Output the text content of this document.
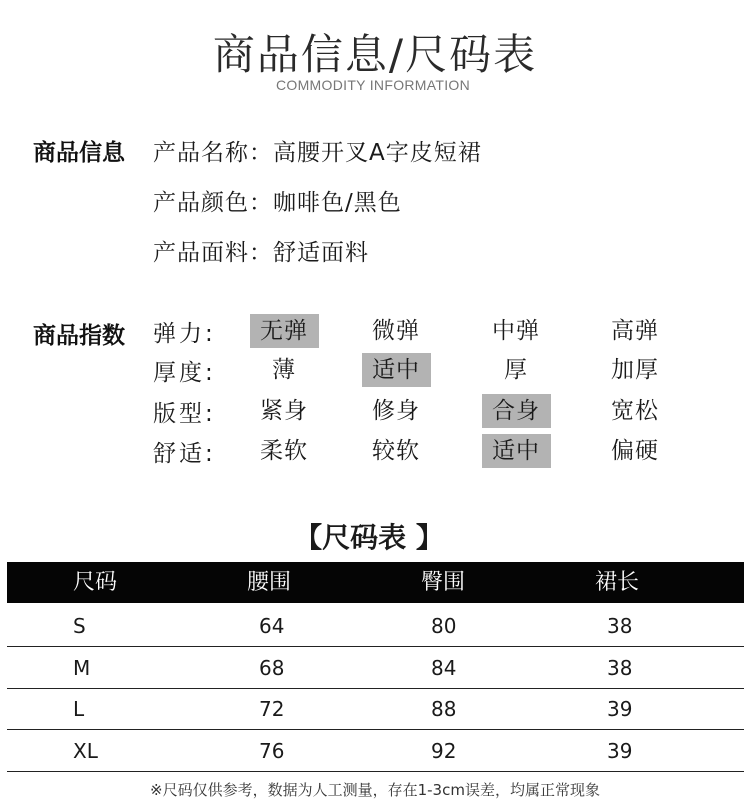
商品信息/尺码表
COMMODITY INFORMATION
商品信息 产品名称：高腰开叉A字皮短裙
产品颜色：咖啡色/黑色
产品面料：舒适面料
商品指数 弹力:	无弹	微弹	中弹	高弹
厚度:	薄	适中	厚	加厚
版型:	紧身	修身	合身	宽松
舒适:	柔软	较软	适中	偏硬
【尺码表 】
尺码	腰围	臀围	裙长
S	64	80	38
M	68	84	38
L	72	88	39
XL	76	92	39
※尺码仅供参考，数据为人工测量，存在1-3cm误差，均属正常现象
